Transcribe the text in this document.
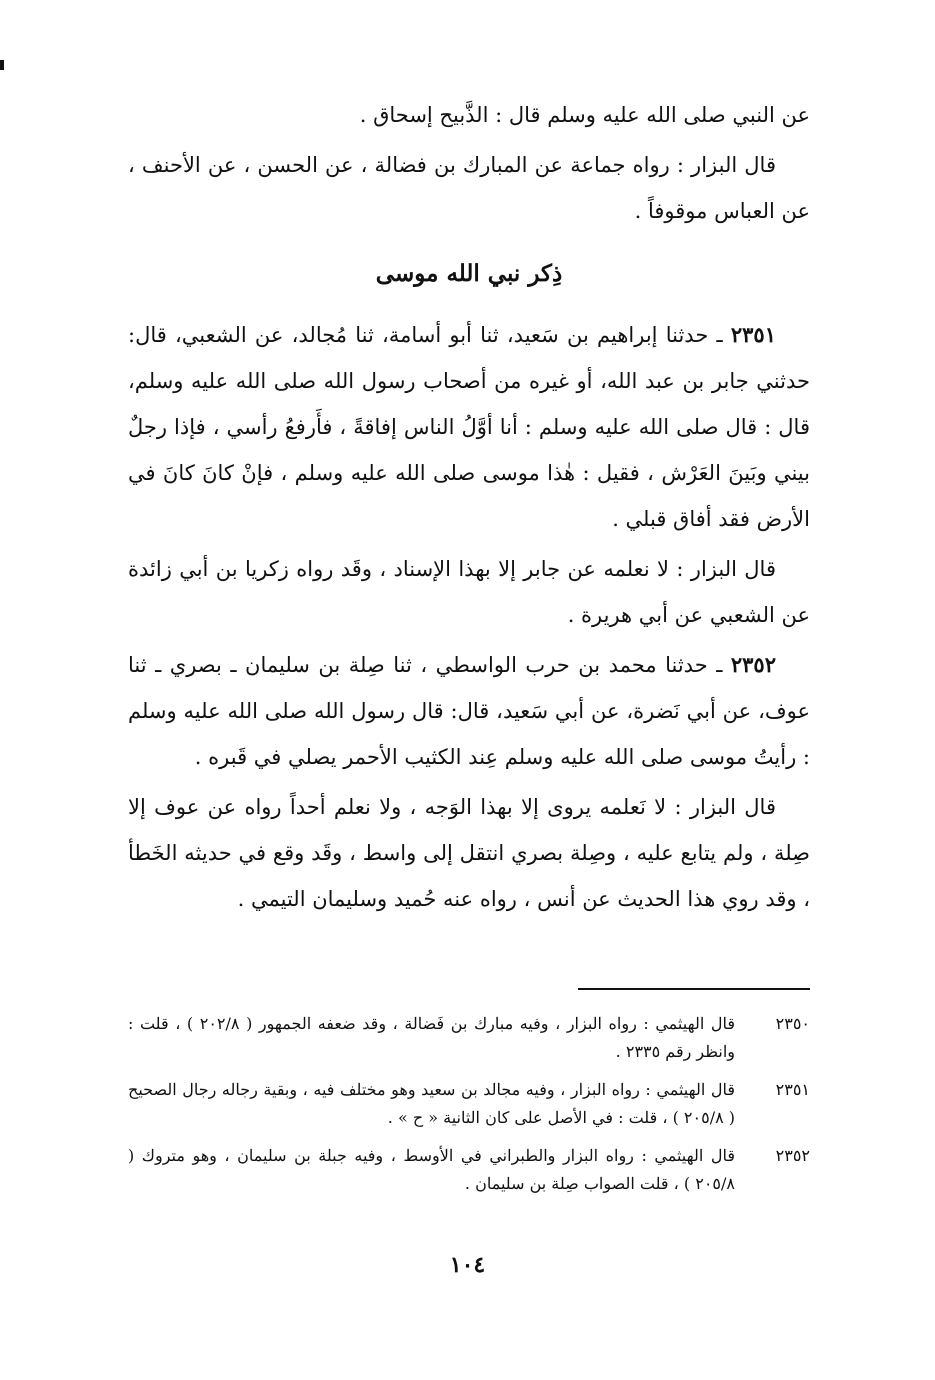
عن النبي صلى الله عليه وسلم قال : الذَّبيح إسحاق .

قال البزار : رواه جماعة عن المبارك بن فضالة ، عن الحسن ، عن الأحنف ، عن العباس موقوفاً .

ذِكر نبي الله موسى

٢٣٥١ ـ حدثنا إبراهيم بن سَعيد، ثنا أبو أسامة، ثنا مُجالد، عن الشعبي، قال: حدثني جابر بن عبد الله، أو غيره من أصحاب رسول الله صلى الله عليه وسلم، قال : قال صلى الله عليه وسلم : أنا أوَّلُ الناس إفاقةً ، فأَرفعُ رأسي ، فإذا رجلٌ بيني وبَينَ العَرْش ، فقيل : هٰذا موسى صلى الله عليه وسلم ، فإنْ كانَ كانَ في الأرض فقد أفاق قبلي .

قال البزار : لا نعلمه عن جابر إلا بهذا الإسناد ، وقَد رواه زكريا بن أبي زائدة عن الشعبي عن أبي هريرة .

٢٣٥٢ ـ حدثنا محمد بن حرب الواسطي ، ثنا صِلة بن سليمان ـ بصري ـ ثنا عوف، عن أبي نَضرة، عن أبي سَعيد، قال: قال رسول الله صلى الله عليه وسلم : رأيتُ موسى صلى الله عليه وسلم عِند الكثيب الأحمر يصلي في قَبره .

قال البزار : لا نَعلمه يروى إلا بهذا الوَجه ، ولا نعلم أحداً رواه عن عوف إلا صِلة ، ولم يتابع عليه ، وصِلة بصري انتقل إلى واسط ، وقَد وقع في حديثه الخَطأ ، وقد روي هذا الحديث عن أنس ، رواه عنه حُميد وسليمان التيمي .

٢٣٥٠
قال الهيثمي : رواه البزار ، وفيه مبارك بن فَضالة ، وقد ضعفه الجمهور ( ٢٠٢/٨ ) ، قلت : وانظر رقم ٢٣٣٥ .
٢٣٥١
قال الهيثمي : رواه البزار ، وفيه مجالد بن سعيد وهو مختلف فيه ، وبقية رجاله رجال الصحيح ( ٢٠٥/٨ ) ، قلت : في الأصل على كان الثانية « ح » .
٢٣٥٢
قال الهيثمي : رواه البزار والطبراني في الأوسط ، وفيه جبلة بن سليمان ، وهو متروك ( ٢٠٥/٨ ) ، قلت الصواب صِلة بن سليمان .
١٠٤
